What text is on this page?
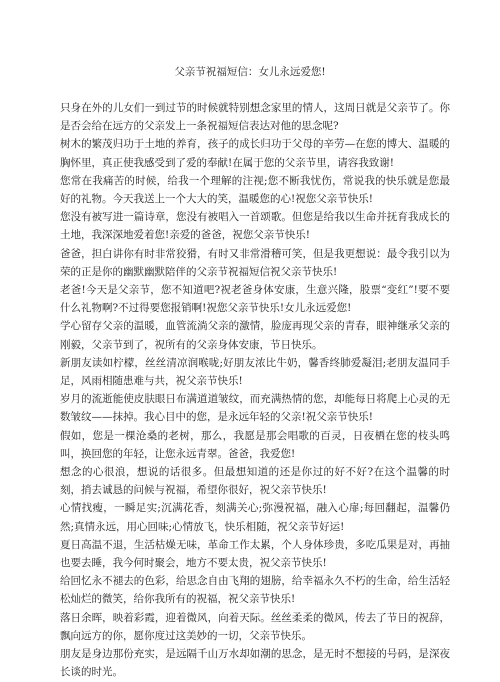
父亲节祝福短信：女儿永远爱您!

只身在外的儿女们一到过节的时候就特别想念家里的情人，这周日就是父亲节了。你是否会给在远方的父亲发上一条祝福短信表达对他的思念呢?

树木的繁茂归功于土地的养育，孩子的成长归功于父母的辛劳—在您的博大、温暖的胸怀里，真正使我感受到了爱的奉献!在属于您的父亲节里，请容我致谢!

您常在我痛苦的时候，给我一个理解的注视;您不断我忧伤，常说我的快乐就是您最好的礼物。今天我送上一个大大的笑，温暖您的心!祝您父亲节快乐!

您没有被写进一篇诗章，您没有被唱入一首颂歌。但您是给我以生命并抚育我成长的土地，我深深地爱着您!亲爱的爸爸，祝您父亲节快乐!

爸爸，担白讲你有时非常狡猾，有时又非常滑稽可笑，但是我更想说：最令我引以为荣的正是你的幽默幽默陪伴的父亲节祝福短信祝父亲节快乐!

老爸!今天是父亲节，您不知道吧?祝老爸身体安康，生意兴隆，股票“变红”!要不要什么礼物啊?不过得要您报销啊!祝您父亲节快乐!女儿永远爱您!

学心留存父亲的温暖，血管流淌父亲的激情，脸庞再现父亲的青春，眼神继承父亲的刚毅，父亲节到了，祝所有的父亲身体安康，节日快乐。

新朋友读如柠檬，丝丝清凉润喉咙;好朋友浓比牛奶，馨香终肺爱凝泪;老朋友温同手足，风雨相随患难与共，祝父亲节快乐!

岁月的流逝能使皮肤眼日布满道道皱纹，而充满热情的您，却能每日将爬上心灵的无数皱纹——抹掉。我心目中的您，是永远年轻的父亲!祝父亲节快乐!

假如，您是一棵沧桑的老树，那么，我愿是那会唱歌的百灵，日夜栖在您的枝头鸣叫，换回您的年轻，让您永远青翠。爸爸，我爱您!

想念的心很浪，想说的话很多。但最想知道的还是你过的好不好?在这个温馨的时刻，捎去诚恳的问候与祝福，希望你很好，祝父亲节快乐!

心情找瘦，一瞬足实;沉满花香，刻满关心;弥漫祝福，融入心扉;每回翻起，温馨仍然;真情永远，用心回味;心情放飞，快乐相随，祝父亲节好运!

夏日高温不退，生活枯燥无味，革命工作太累，个人身体珍贵，多吃瓜果是对，再抽也要去睡，我今何时聚会，地方不要太贵，祝父亲节快乐!

给回忆永不褪去的色彩，给思念自由飞翔的翅膀，给幸福永久不朽的生命，给生活轻松灿烂的微笑，给你我所有的祝福，祝父亲节快乐!

落日余晖，映着彩霞，迎着微风，向着天际。丝丝柔柔的微风，传去了节日的祝辞，飘向远方的你，愿你度过这美妙的一切，父亲节快乐。

朋友是身边那份充实，是远隔千山万水却如潮的思念，是无时不想接的号码，是深夜长谈的时光。
